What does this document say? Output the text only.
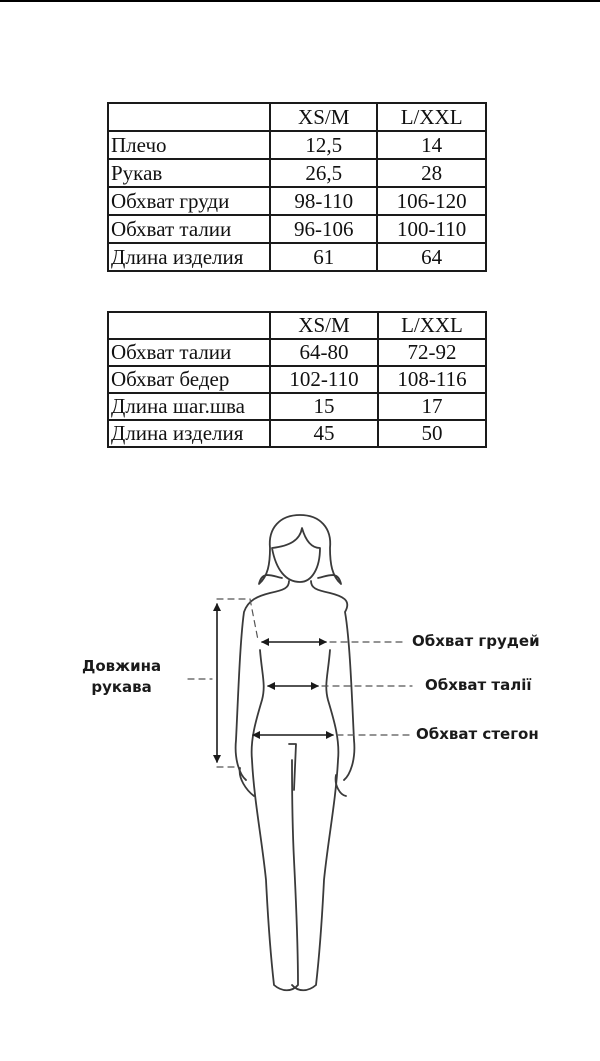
	XS/M	L/XXL
Плечо	12,5	14
Рукав	26,5	28
Обхват груди	98-110	106-120
Обхват талии	96-106	100-110
Длина изделия	61	64
	XS/M	L/XXL
Обхват талии	64-80	72-92
Обхват бедер	102-110	108-116
Длина шаг.шва	15	17
Длина изделия	45	50
Довжина
рукава
Обхват грудей
Обхват талії
Обхват стегон
